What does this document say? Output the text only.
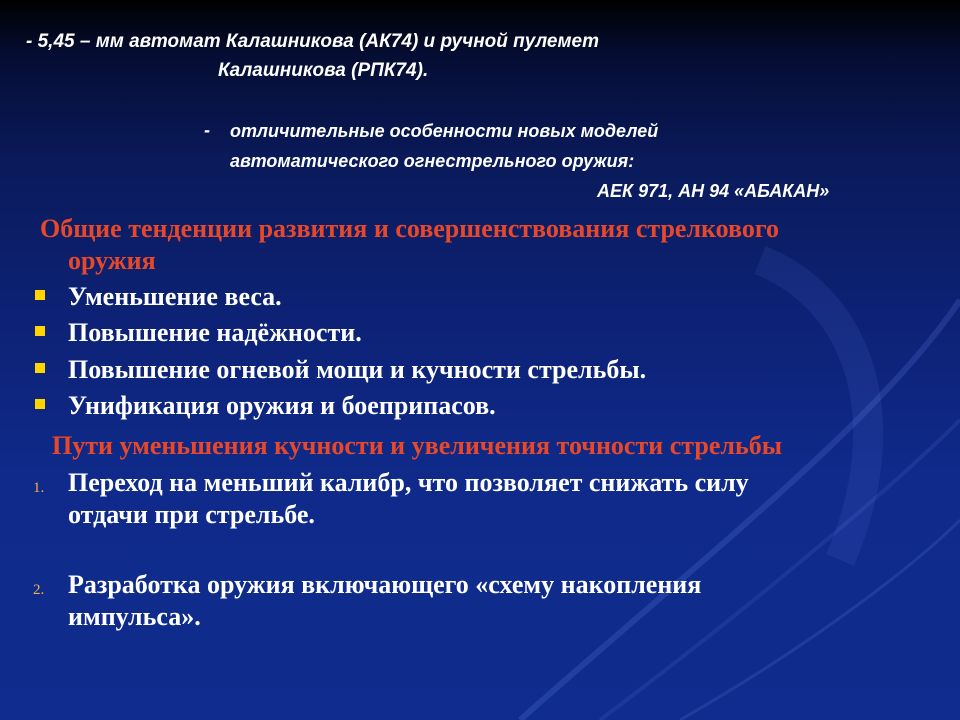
- 5,45 – мм автомат Калашникова (АК74) и ручной пулемет
Калашникова (РПК74).
- отличительные особенности новых моделей
автоматического огнестрельного оружия:
АЕК 971, АН 94 «АБАКАН»
Общие тенденции развития и совершенствования стрелкового
оружия
Уменьшение веса.
Повышение надёжности.
Повышение огневой мощи и кучности стрельбы.
Унификация оружия и боеприпасов.
Пути уменьшения кучности и увеличения точности стрельбы
1. Переход на меньший калибр, что позволяет снижать силу
отдачи при стрельбе.
2. Разработка оружия включающего «схему накопления
импульса».
